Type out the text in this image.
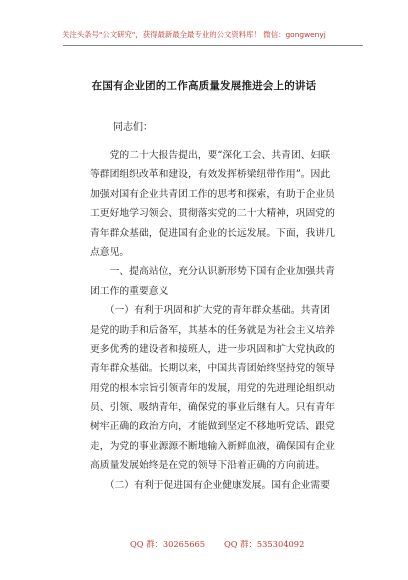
关注头条号"公文研究"，获得最新最全最专业的公文资料库！ 微信：gongwenyj
在国有企业团的工作高质量发展推进会上的讲话
同志们：
　　党的二十大报告提出，要“深化工会、共青团、妇联
等群团组织改革和建设，有效发挥桥梁纽带作用”。因此
加强对国有企业共青团工作的思考和探索，有助于企业员
工更好地学习领会、贯彻落实党的二十大精神，巩固党的
青年群众基础，促进国有企业的长远发展。下面，我讲几
点意见。
　　一、提高站位，充分认识新形势下国有企业加强共青
团工作的重要意义
　　（一）有利于巩固和扩大党的青年群众基础。共青团
是党的助手和后备军，其基本的任务就是为社会主义培养
更多优秀的建设者和接班人，进一步巩固和扩大党执政的
青年群众基础。长期以来，中国共青团始终坚持党的领导
用党的根本宗旨引领青年的发展，用党的先进理论组织动
员、引领、吸纳青年，确保党的事业后继有人。只有青年
树牢正确的政治方向，才能做到坚定不移地听党话、跟党
走，为党的事业源源不断地输入新鲜血液，确保国有企业
高质量发展始终是在党的领导下沿着正确的方向前进。
　　（二）有利于促进国有企业健康发展。国有企业需要
QQ 群：30265665 QQ 群：535304092
